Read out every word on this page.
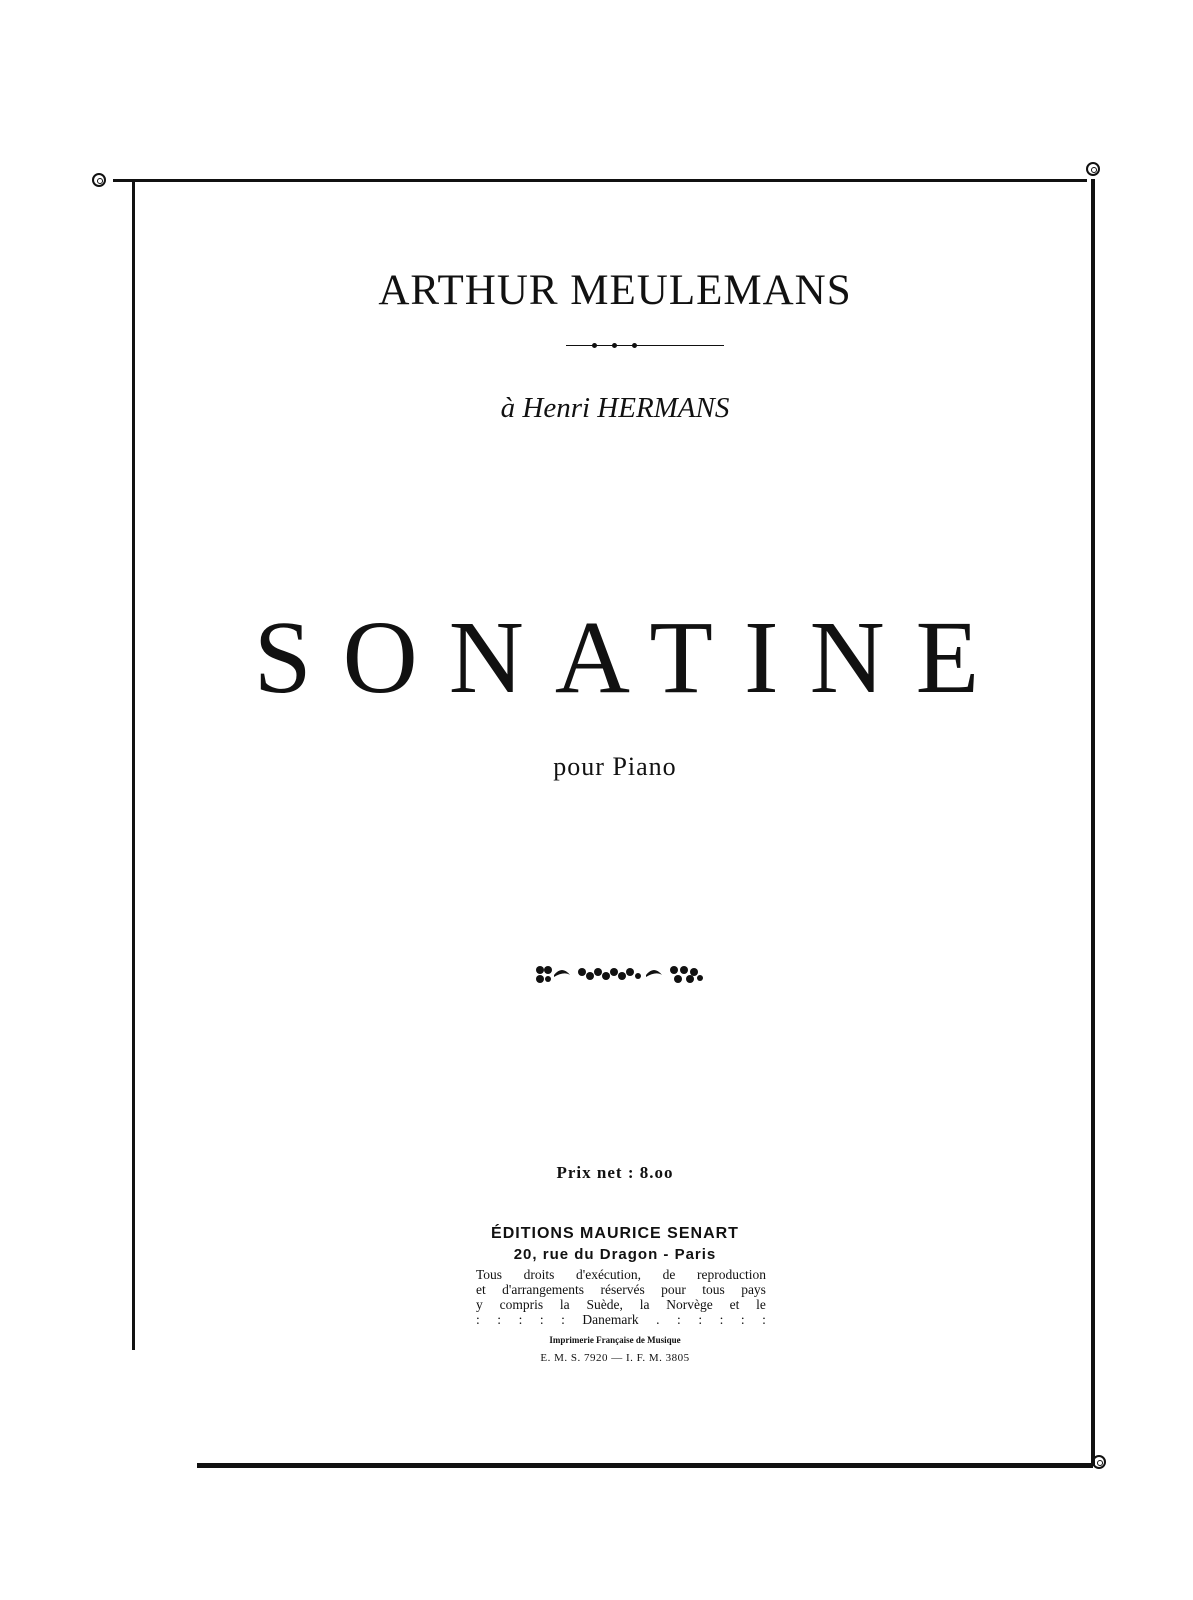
ARTHUR MEULEMANS
à Henri HERMANS
SONATINE
pour Piano
Prix net : 8.oo
ÉDITIONS MAURICE SENART
20, rue du Dragon - Paris
Tous droits d'exécution, de reproduction
et d'arrangements réservés pour tous pays
y compris la Suède, la Norvège et le
: : : : : Danemark . : : : : :
Imprimerie Française de Musique
E. M. S. 7920 — I. F. M. 3805
